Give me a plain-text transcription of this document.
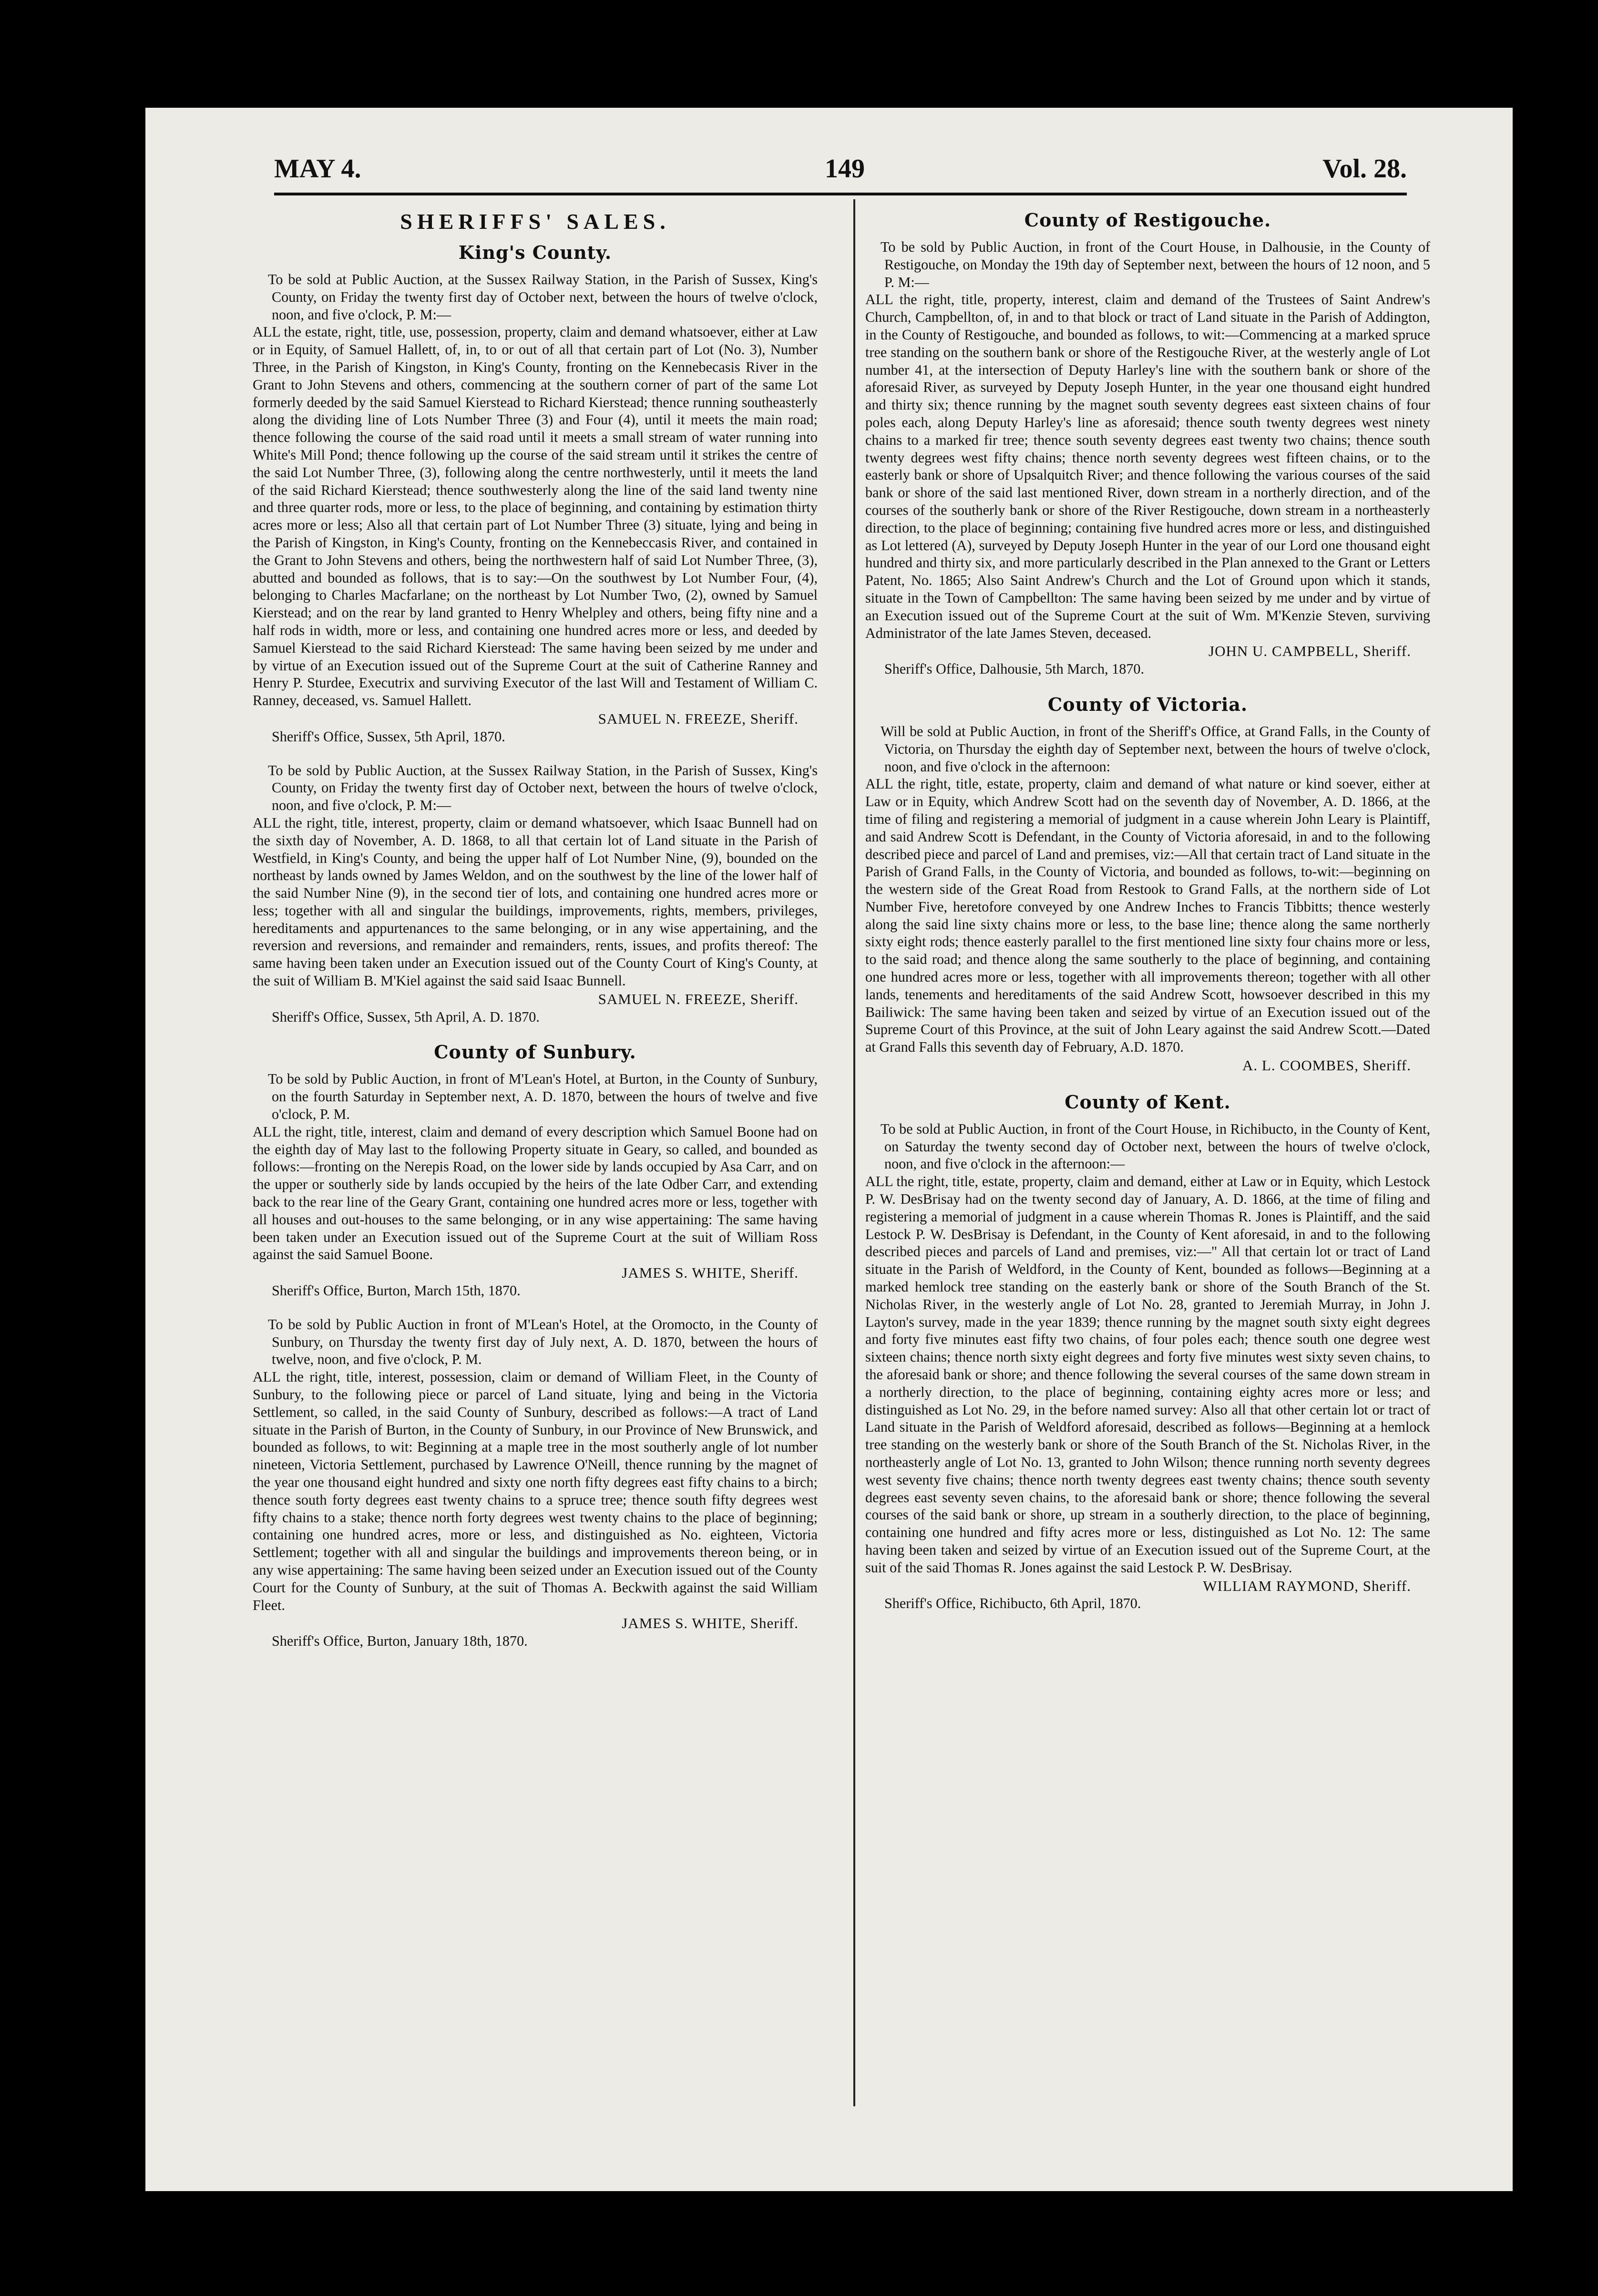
MAY 4.	149	Vol. 28.
SHERIFFS' SALES.
King's County.

To be sold at Public Auction, at the Sussex Railway Station, in the Parish of Sussex, King's County, on Friday the twenty first day of October next, between the hours of twelve o'clock, noon, and five o'clock, P. M:—

ALL the estate, right, title, use, possession, property, claim and demand whatsoever, either at Law or in Equity, of Samuel Hallett, of, in, to or out of all that certain part of Lot (No. 3), Number Three, in the Parish of Kingston, in King's County, fronting on the Kennebecasis River in the Grant to John Stevens and others, commencing at the southern corner of part of the same Lot formerly deeded by the said Samuel Kierstead to Richard Kierstead; thence running southeasterly along the dividing line of Lots Number Three (3) and Four (4), until it meets the main road; thence following the course of the said road until it meets a small stream of water running into White's Mill Pond; thence following up the course of the said stream until it strikes the centre of the said Lot Number Three, (3), following along the centre northwesterly, until it meets the land of the said Richard Kierstead; thence southwesterly along the line of the said land twenty nine and three quarter rods, more or less, to the place of beginning, and containing by estimation thirty acres more or less; Also all that certain part of Lot Number Three (3) situate, lying and being in the Parish of Kingston, in King's County, fronting on the Kennebeccasis River, and contained in the Grant to John Stevens and others, being the northwestern half of said Lot Number Three, (3), abutted and bounded as follows, that is to say:—On the southwest by Lot Number Four, (4), belonging to Charles Macfarlane; on the northeast by Lot Number Two, (2), owned by Samuel Kierstead; and on the rear by land granted to Henry Whelpley and others, being fifty nine and a half rods in width, more or less, and containing one hundred acres more or less, and deeded by Samuel Kierstead to the said Richard Kierstead: The same having been seized by me under and by virtue of an Execution issued out of the Supreme Court at the suit of Catherine Ranney and Henry P. Sturdee, Executrix and surviving Executor of the last Will and Testament of William C. Ranney, deceased, vs. Samuel Hallett.

SAMUEL N. FREEZE, Sheriff.

Sheriff's Office, Sussex, 5th April, 1870.

To be sold by Public Auction, at the Sussex Railway Station, in the Parish of Sussex, King's County, on Friday the twenty first day of October next, between the hours of twelve o'clock, noon, and five o'clock, P. M:—

ALL the right, title, interest, property, claim or demand whatsoever, which Isaac Bunnell had on the sixth day of November, A. D. 1868, to all that certain lot of Land situate in the Parish of Westfield, in King's County, and being the upper half of Lot Number Nine, (9), bounded on the northeast by lands owned by James Weldon, and on the southwest by the line of the lower half of the said Number Nine (9), in the second tier of lots, and containing one hundred acres more or less; together with all and singular the buildings, improvements, rights, members, privileges, hereditaments and appurtenances to the same belonging, or in any wise appertaining, and the reversion and reversions, and remainder and remainders, rents, issues, and profits thereof: The same having been taken under an Execution issued out of the County Court of King's County, at the suit of William B. M'Kiel against the said said Isaac Bunnell.

SAMUEL N. FREEZE, Sheriff.

Sheriff's Office, Sussex, 5th April, A. D. 1870.

County of Sunbury.

To be sold by Public Auction, in front of M'Lean's Hotel, at Burton, in the County of Sunbury, on the fourth Saturday in September next, A. D. 1870, between the hours of twelve and five o'clock, P. M.

ALL the right, title, interest, claim and demand of every description which Samuel Boone had on the eighth day of May last to the following Property situate in Geary, so called, and bounded as follows:—fronting on the Nerepis Road, on the lower side by lands occupied by Asa Carr, and on the upper or southerly side by lands occupied by the heirs of the late Odber Carr, and extending back to the rear line of the Geary Grant, containing one hundred acres more or less, together with all houses and out-houses to the same belonging, or in any wise appertaining: The same having been taken under an Execution issued out of the Supreme Court at the suit of William Ross against the said Samuel Boone.

JAMES S. WHITE, Sheriff.

Sheriff's Office, Burton, March 15th, 1870.

To be sold by Public Auction in front of M'Lean's Hotel, at the Oromocto, in the County of Sunbury, on Thursday the twenty first day of July next, A. D. 1870, between the hours of twelve, noon, and five o'clock, P. M.

ALL the right, title, interest, possession, claim or demand of William Fleet, in the County of Sunbury, to the following piece or parcel of Land situate, lying and being in the Victoria Settlement, so called, in the said County of Sunbury, described as follows:—A tract of Land situate in the Parish of Burton, in the County of Sunbury, in our Province of New Brunswick, and bounded as follows, to wit: Beginning at a maple tree in the most southerly angle of lot number nineteen, Victoria Settlement, purchased by Lawrence O'Neill, thence running by the magnet of the year one thousand eight hundred and sixty one north fifty degrees east fifty chains to a birch; thence south forty degrees east twenty chains to a spruce tree; thence south fifty degrees west fifty chains to a stake; thence north forty degrees west twenty chains to the place of beginning; containing one hundred acres, more or less, and distinguished as No. eighteen, Victoria Settlement; together with all and singular the buildings and improvements thereon being, or in any wise appertaining: The same having been seized under an Execution issued out of the County Court for the County of Sunbury, at the suit of Thomas A. Beckwith against the said William Fleet.

JAMES S. WHITE, Sheriff.

Sheriff's Office, Burton, January 18th, 1870.

County of Restigouche.

To be sold by Public Auction, in front of the Court House, in Dalhousie, in the County of Restigouche, on Monday the 19th day of September next, between the hours of 12 noon, and 5 P. M:—

ALL the right, title, property, interest, claim and demand of the Trustees of Saint Andrew's Church, Campbellton, of, in and to that block or tract of Land situate in the Parish of Addington, in the County of Restigouche, and bounded as follows, to wit:—Commencing at a marked spruce tree standing on the southern bank or shore of the Restigouche River, at the westerly angle of Lot number 41, at the intersection of Deputy Harley's line with the southern bank or shore of the aforesaid River, as surveyed by Deputy Joseph Hunter, in the year one thousand eight hundred and thirty six; thence running by the magnet south seventy degrees east sixteen chains of four poles each, along Deputy Harley's line as aforesaid; thence south twenty degrees west ninety chains to a marked fir tree; thence south seventy degrees east twenty two chains; thence south twenty degrees west fifty chains; thence north seventy degrees west fifteen chains, or to the easterly bank or shore of Upsalquitch River; and thence following the various courses of the said bank or shore of the said last mentioned River, down stream in a northerly direction, and of the courses of the southerly bank or shore of the River Restigouche, down stream in a northeasterly direction, to the place of beginning; containing five hundred acres more or less, and distinguished as Lot lettered (A), surveyed by Deputy Joseph Hunter in the year of our Lord one thousand eight hundred and thirty six, and more particularly described in the Plan annexed to the Grant or Letters Patent, No. 1865; Also Saint Andrew's Church and the Lot of Ground upon which it stands, situate in the Town of Campbellton: The same having been seized by me under and by virtue of an Execution issued out of the Supreme Court at the suit of Wm. M'Kenzie Steven, surviving Administrator of the late James Steven, deceased.

JOHN U. CAMPBELL, Sheriff.

Sheriff's Office, Dalhousie, 5th March, 1870.

County of Victoria.

Will be sold at Public Auction, in front of the Sheriff's Office, at Grand Falls, in the County of Victoria, on Thursday the eighth day of September next, between the hours of twelve o'clock, noon, and five o'clock in the afternoon:

ALL the right, title, estate, property, claim and demand of what nature or kind soever, either at Law or in Equity, which Andrew Scott had on the seventh day of November, A. D. 1866, at the time of filing and registering a memorial of judgment in a cause wherein John Leary is Plaintiff, and said Andrew Scott is Defendant, in the County of Victoria aforesaid, in and to the following described piece and parcel of Land and premises, viz:—All that certain tract of Land situate in the Parish of Grand Falls, in the County of Victoria, and bounded as follows, to-wit:—beginning on the western side of the Great Road from Restook to Grand Falls, at the northern side of Lot Number Five, heretofore conveyed by one Andrew Inches to Francis Tibbitts; thence westerly along the said line sixty chains more or less, to the base line; thence along the same northerly sixty eight rods; thence easterly parallel to the first mentioned line sixty four chains more or less, to the said road; and thence along the same southerly to the place of beginning, and containing one hundred acres more or less, together with all improvements thereon; together with all other lands, tenements and hereditaments of the said Andrew Scott, howsoever described in this my Bailiwick: The same having been taken and seized by virtue of an Execution issued out of the Supreme Court of this Province, at the suit of John Leary against the said Andrew Scott.—Dated at Grand Falls this seventh day of February, A.D. 1870.

A. L. COOMBES, Sheriff.

County of Kent.

To be sold at Public Auction, in front of the Court House, in Richibucto, in the County of Kent, on Saturday the twenty second day of October next, between the hours of twelve o'clock, noon, and five o'clock in the afternoon:—

ALL the right, title, estate, property, claim and demand, either at Law or in Equity, which Lestock P. W. DesBrisay had on the twenty second day of January, A. D. 1866, at the time of filing and registering a memorial of judgment in a cause wherein Thomas R. Jones is Plaintiff, and the said Lestock P. W. DesBrisay is Defendant, in the County of Kent aforesaid, in and to the following described pieces and parcels of Land and premises, viz:—" All that certain lot or tract of Land situate in the Parish of Weldford, in the County of Kent, bounded as follows—Beginning at a marked hemlock tree standing on the easterly bank or shore of the South Branch of the St. Nicholas River, in the westerly angle of Lot No. 28, granted to Jeremiah Murray, in John J. Layton's survey, made in the year 1839; thence running by the magnet south sixty eight degrees and forty five minutes east fifty two chains, of four poles each; thence south one degree west sixteen chains; thence north sixty eight degrees and forty five minutes west sixty seven chains, to the aforesaid bank or shore; and thence following the several courses of the same down stream in a northerly direction, to the place of beginning, containing eighty acres more or less; and distinguished as Lot No. 29, in the before named survey: Also all that other certain lot or tract of Land situate in the Parish of Weldford aforesaid, described as follows—Beginning at a hemlock tree standing on the westerly bank or shore of the South Branch of the St. Nicholas River, in the northeasterly angle of Lot No. 13, granted to John Wilson; thence running north seventy degrees west seventy five chains; thence north twenty degrees east twenty chains; thence south seventy degrees east seventy seven chains, to the aforesaid bank or shore; thence following the several courses of the said bank or shore, up stream in a southerly direction, to the place of beginning, containing one hundred and fifty acres more or less, distinguished as Lot No. 12: The same having been taken and seized by virtue of an Execution issued out of the Supreme Court, at the suit of the said Thomas R. Jones against the said Lestock P. W. DesBrisay.

WILLIAM RAYMOND, Sheriff.

Sheriff's Office, Richibucto, 6th April, 1870.
